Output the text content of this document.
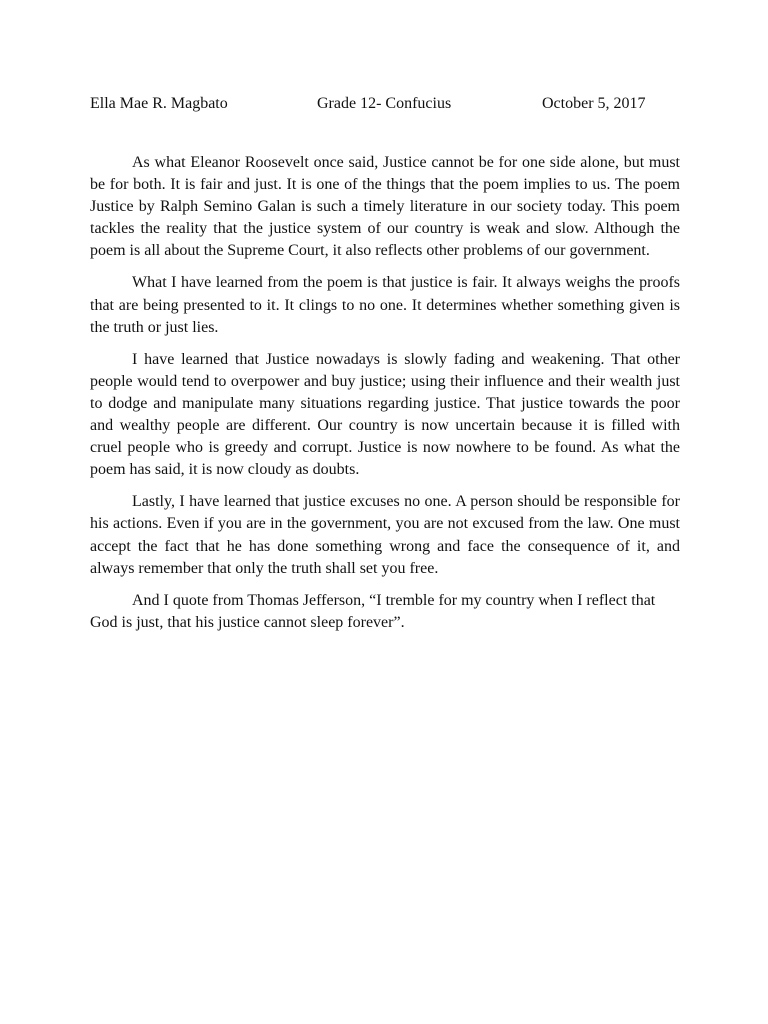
Ella Mae R. Magbato	Grade 12- Confucius	October 5, 2017

As what Eleanor Roosevelt once said, Justice cannot be for one side alone, but must be for both. It is fair and just. It is one of the things that the poem implies to us. The poem Justice by Ralph Semino Galan is such a timely literature in our society today. This poem tackles the reality that the justice system of our country is weak and slow. Although the poem is all about the Supreme Court, it also reflects other problems of our government.

What I have learned from the poem is that justice is fair. It always weighs the proofs that are being presented to it. It clings to no one. It determines whether something given is the truth or just lies.

I have learned that Justice nowadays is slowly fading and weakening. That other people would tend to overpower and buy justice; using their influence and their wealth just to dodge and manipulate many situations regarding justice. That justice towards the poor and wealthy people are different. Our country is now uncertain because it is filled with cruel people who is greedy and corrupt. Justice is now nowhere to be found. As what the poem has said, it is now cloudy as doubts.

Lastly, I have learned that justice excuses no one. A person should be responsible for his actions. Even if you are in the government, you are not excused from the law. One must accept the fact that he has done something wrong and face the consequence of it, and always remember that only the truth shall set you free.

And I quote from Thomas Jefferson, “I tremble for my country when I reflect that God is just, that his justice cannot sleep forever”.
